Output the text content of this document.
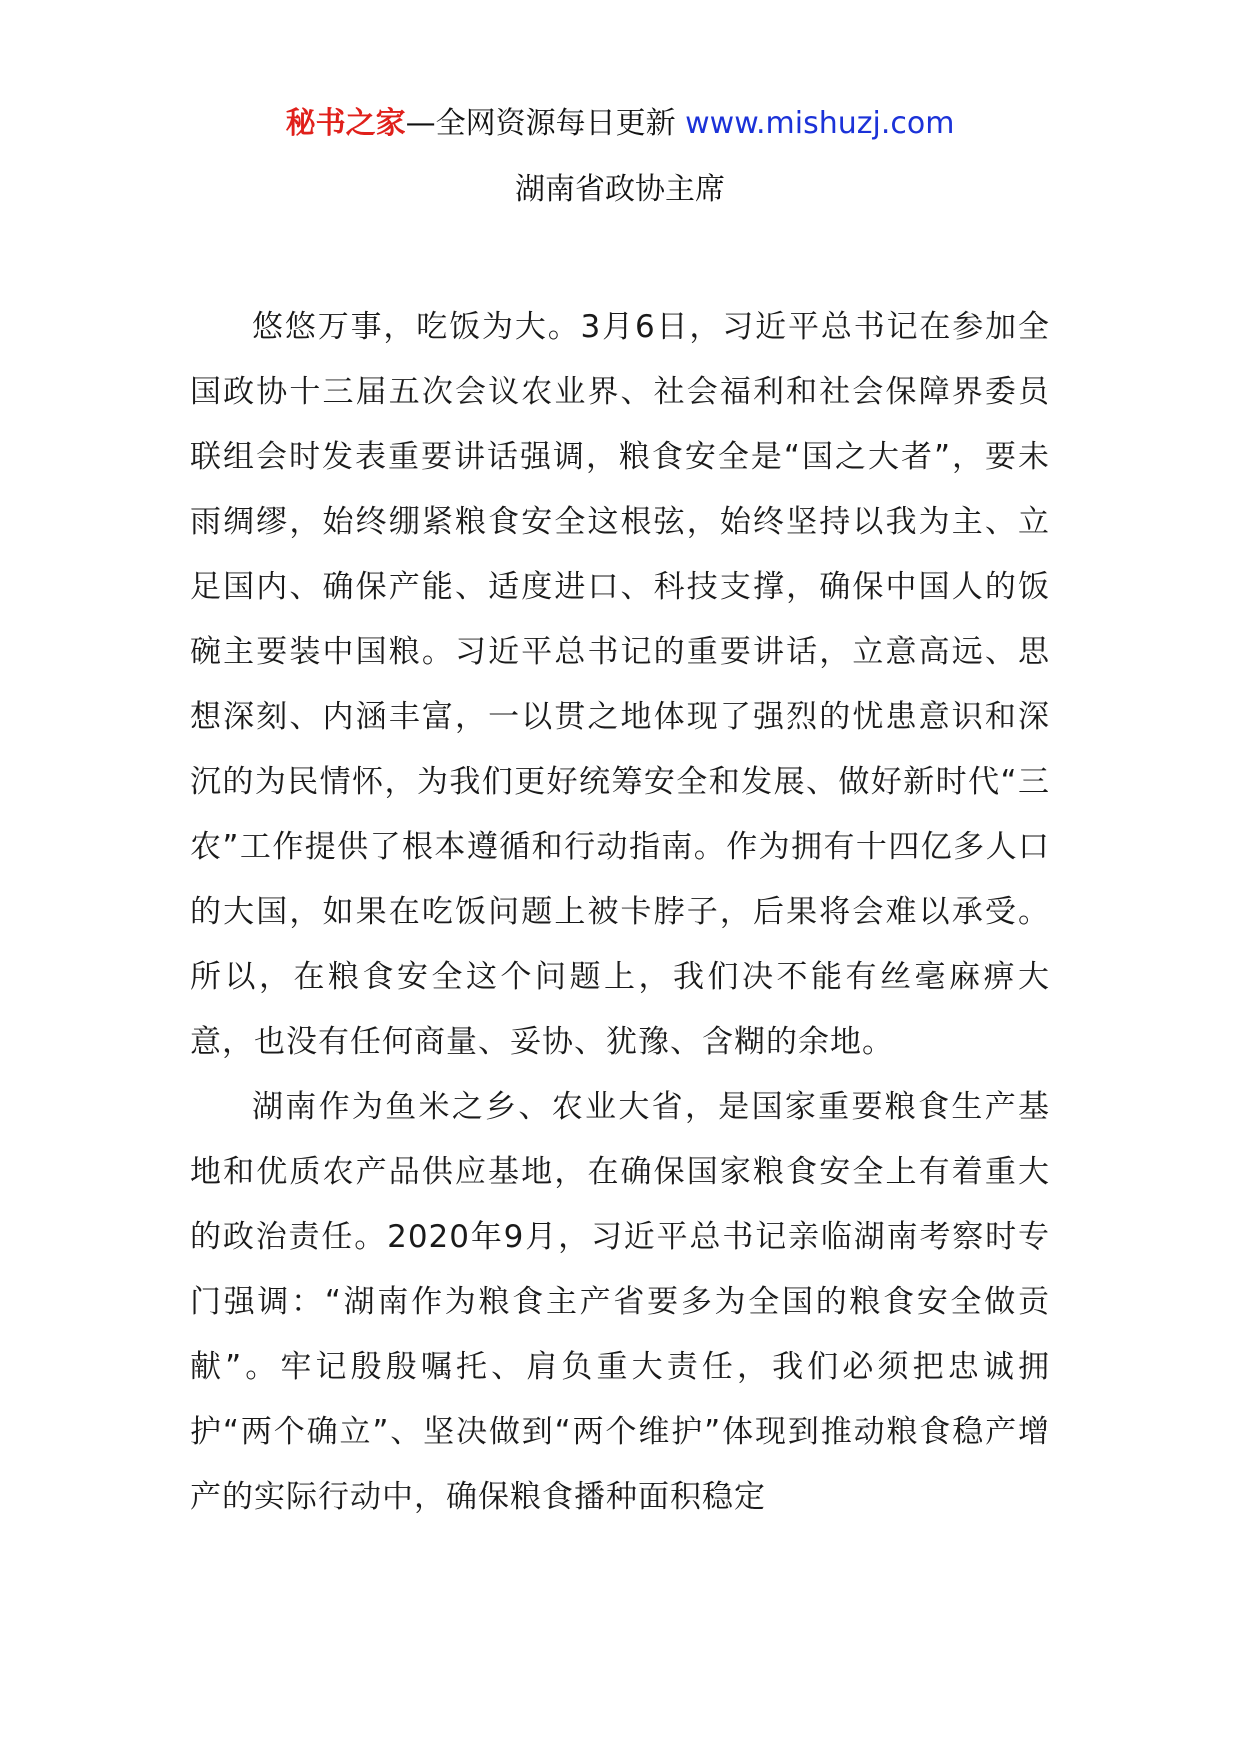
秘书之家—全网资源每日更新 www.mishuzj.com
湖南省政协主席

悠悠万事，吃饭为大。3月6日，习近平总书记在参加全国政协十三届五次会议农业界、社会福利和社会保障界委员联组会时发表重要讲话强调，粮食安全是“国之大者”，要未雨绸缪，始终绷紧粮食安全这根弦，始终坚持以我为主、立足国内、确保产能、适度进口、科技支撑，确保中国人的饭碗主要装中国粮。习近平总书记的重要讲话，立意高远、思想深刻、内涵丰富，一以贯之地体现了强烈的忧患意识和深沉的为民情怀，为我们更好统筹安全和发展、做好新时代“三农”工作提供了根本遵循和行动指南。作为拥有十四亿多人口的大国，如果在吃饭问题上被卡脖子，后果将会难以承受。所以，在粮食安全这个问题上，我们决不能有丝毫麻痹大意，也没有任何商量、妥协、犹豫、含糊的余地。

湖南作为鱼米之乡、农业大省，是国家重要粮食生产基地和优质农产品供应基地，在确保国家粮食安全上有着重大的政治责任。2020年9月，习近平总书记亲临湖南考察时专门强调：“湖南作为粮食主产省要多为全国的粮食安全做贡献”。牢记殷殷嘱托、肩负重大责任，我们必须把忠诚拥护“两个确立”、坚决做到“两个维护”体现到推动粮食稳产增产的实际行动中，确保粮食播种面积稳定
